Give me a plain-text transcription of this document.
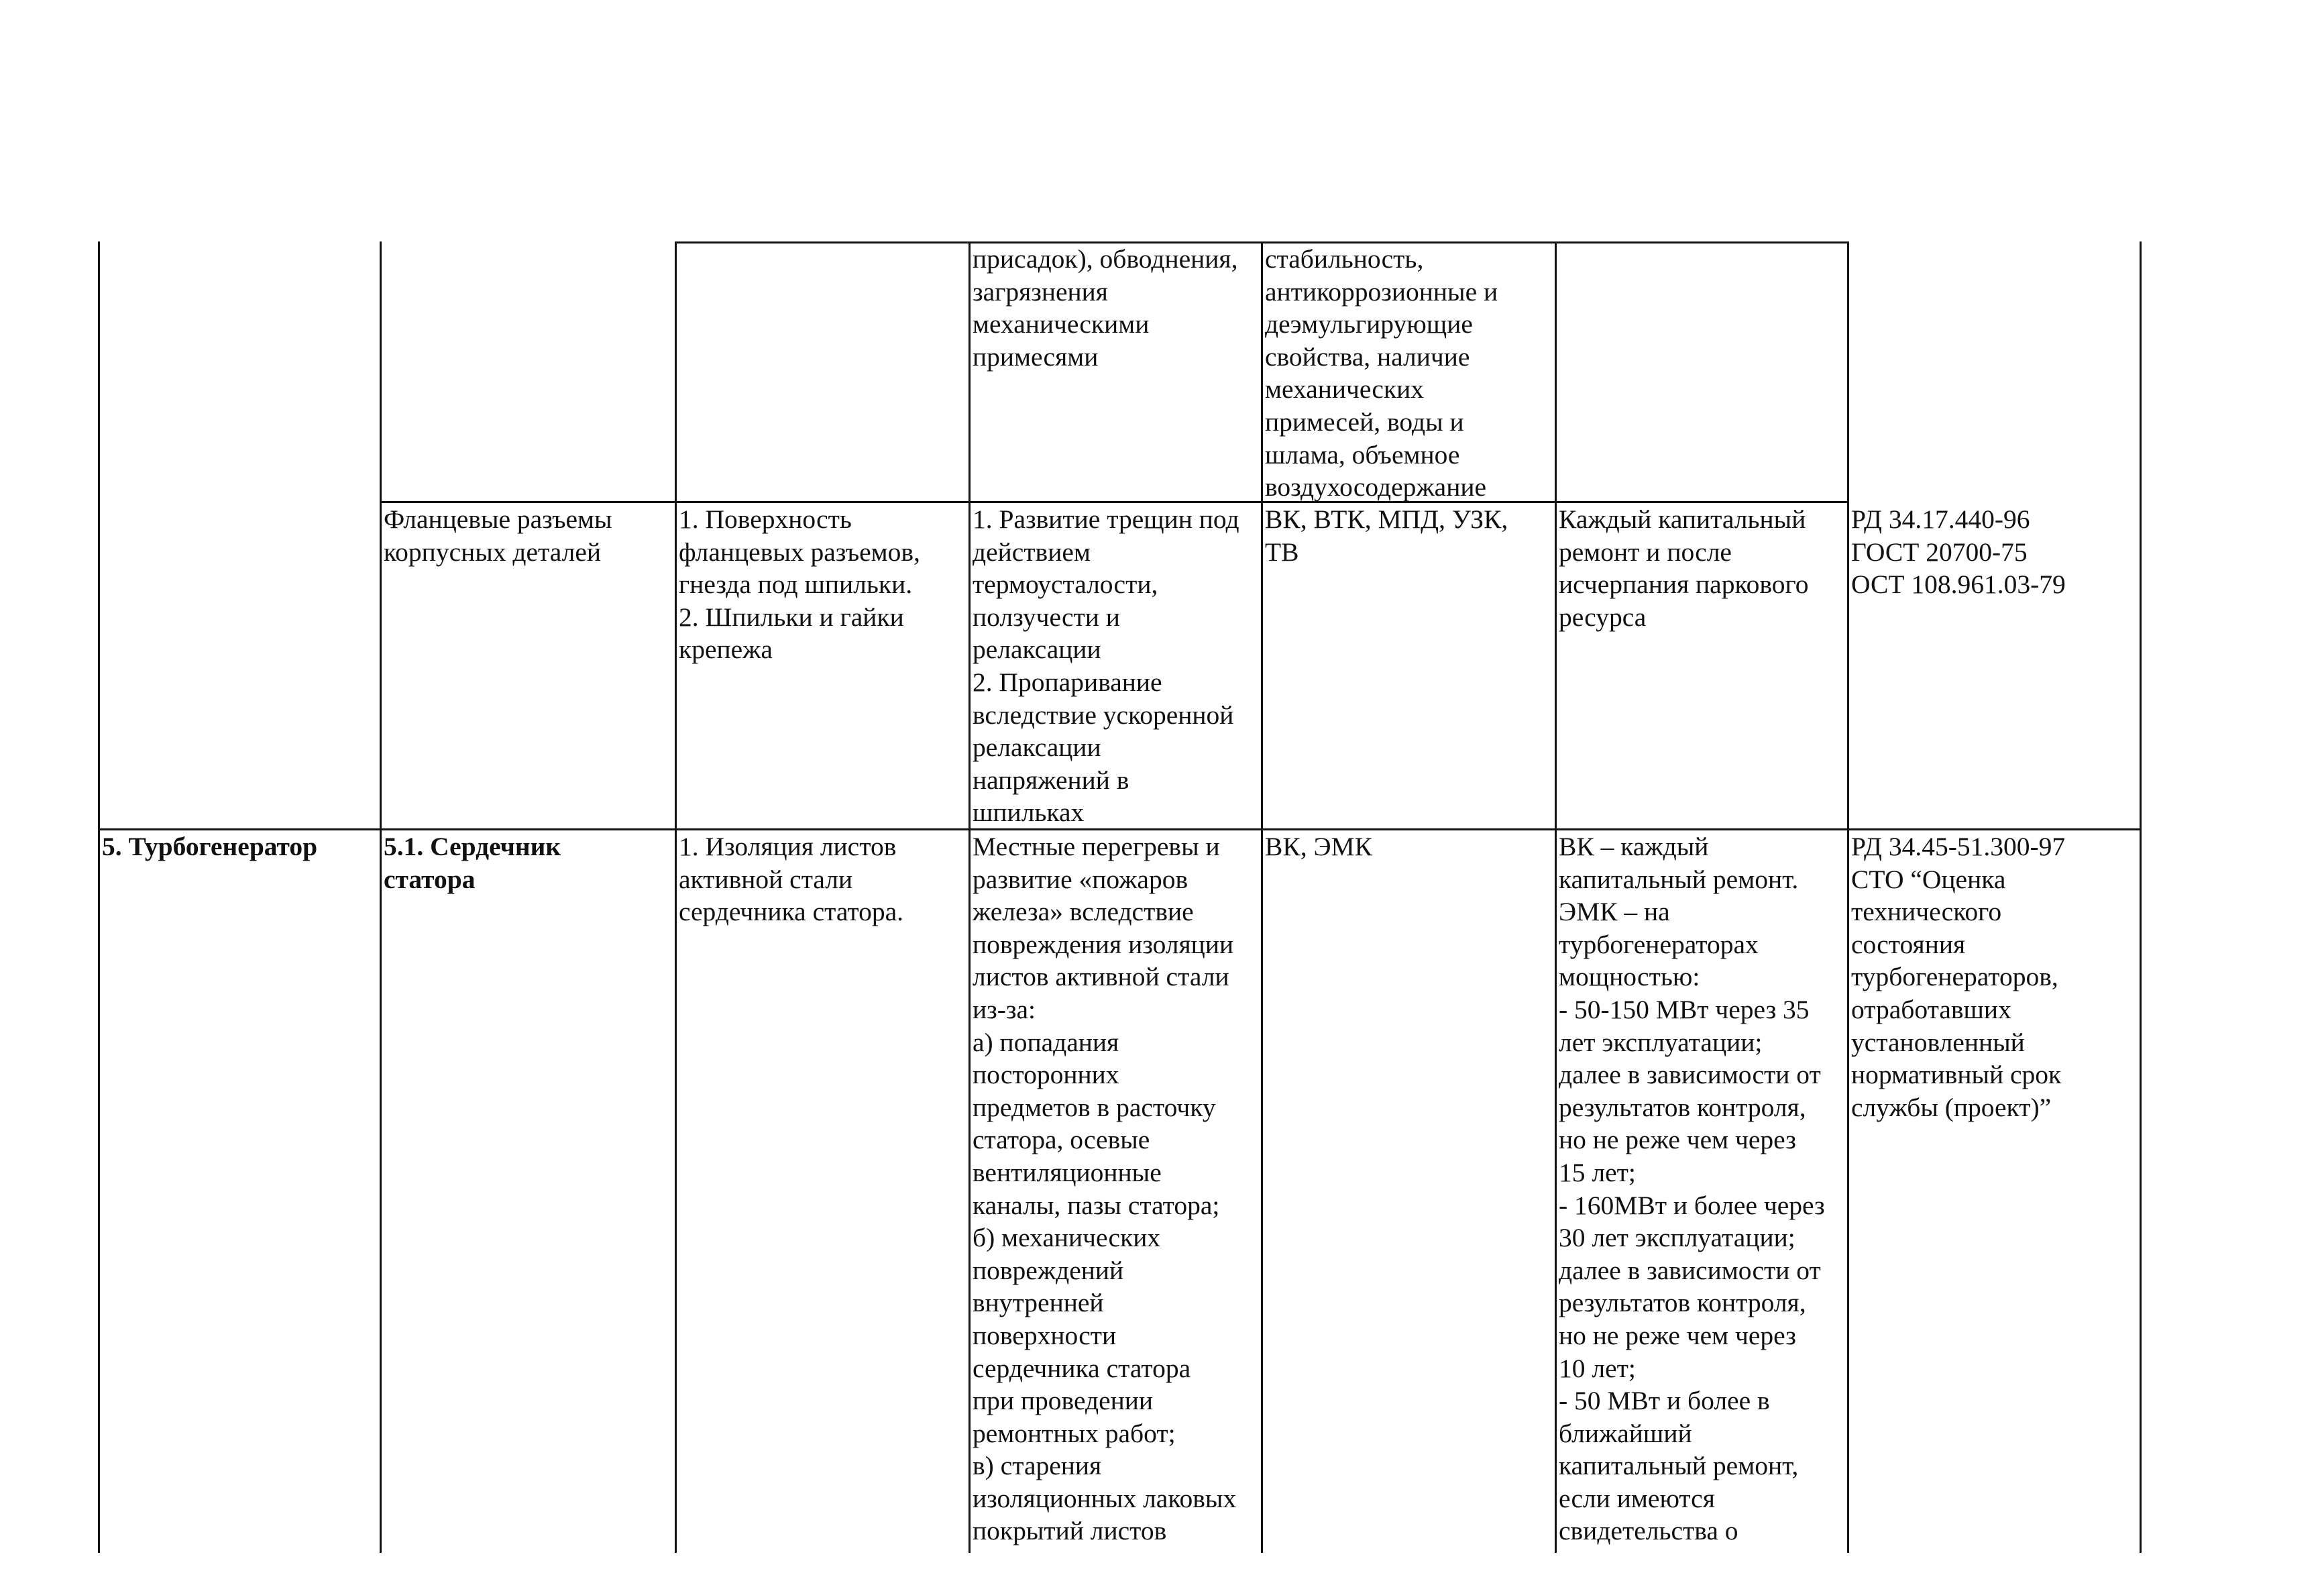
присадок), обводнения,
загрязнения
механическими
примесями
стабильность,
антикоррозионные и
деэмульгирующие
свойства, наличие
механических
примесей, воды и
шлама, объемное
воздухосодержание
Фланцевые разъемы
корпусных деталей
1. Поверхность
фланцевых разъемов,
гнезда под шпильки.
2. Шпильки и гайки
крепежа
1. Развитие трещин под
действием
термоусталости,
ползучести и
релаксации
2. Пропаривание
вследствие ускоренной
релаксации
напряжений в
шпильках
ВК, ВТК, МПД, УЗК,
ТВ
Каждый капитальный
ремонт и после
исчерпания паркового
ресурса
РД 34.17.440-96
ГОСТ 20700-75
ОСТ 108.961.03-79
5. Турбогенератор	5.1. Сердечник
статора
1. Изоляция листов
активной стали
сердечника статора.
Местные перегревы и
развитие «пожаров
железа» вследствие
повреждения изоляции
листов активной стали
из-за:
а) попадания
посторонних
предметов в расточку
статора, осевые
вентиляционные
каналы, пазы статора;
б) механических
повреждений
внутренней
поверхности
сердечника статора
при проведении
ремонтных работ;
в) старения
изоляционных лаковых
покрытий листов
ВК, ЭМК	ВК – каждый
капитальный ремонт.
ЭМК – на
турбогенераторах
мощностью:
- 50-150 МВт через 35
лет эксплуатации;
далее в зависимости от
результатов контроля,
но не реже чем через
15 лет;
- 160МВт и более через
30 лет эксплуатации;
далее в зависимости от
результатов контроля,
но не реже чем через
10 лет;
- 50 МВт и более в
ближайший
капитальный ремонт,
если имеются
свидетельства о
РД 34.45-51.300-97
СТО “Оценка
технического
состояния
турбогенераторов,
отработавших
установленный
нормативный срок
службы (проект)”
